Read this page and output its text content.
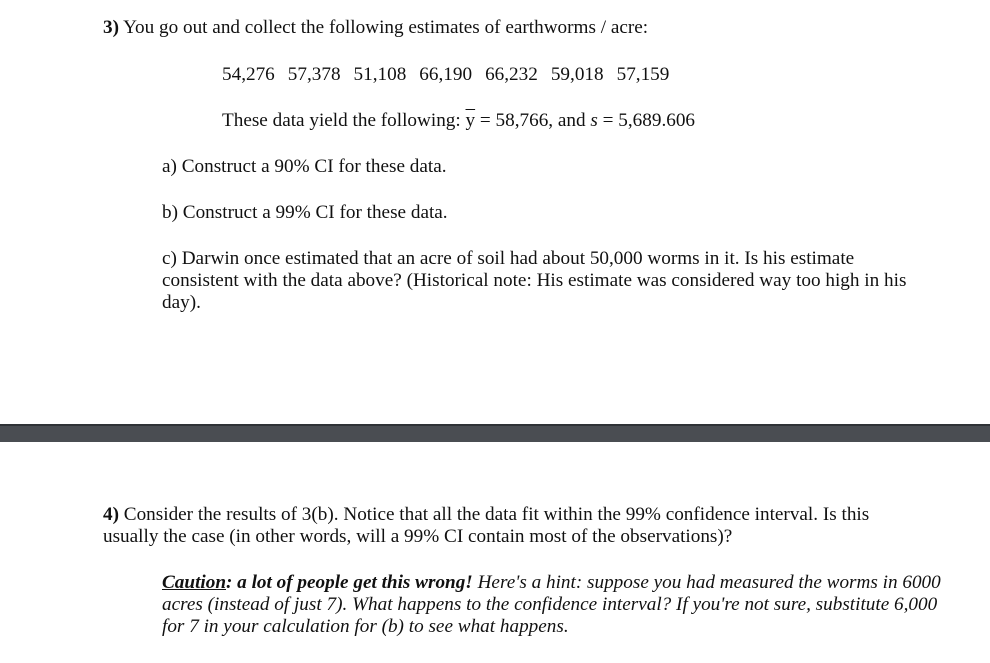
3) You go out and collect the following estimates of earthworms / acre:
54,276 57,378 51,108 66,190 66,232 59,018 57,159
These data yield the following: $\overline{y} = 58,766$, and s = 5,689.606
a) Construct a 90% CI for these data.
b) Construct a 99% CI for these data.
c) Darwin once estimated that an acre of soil had about 50,000 worms in it. Is his estimate consistent with the data above? (Historical note: His estimate was considered way too high in his day).
4) Consider the results of 3(b). Notice that all the data fit within the 99% confidence interval. Is this usually the case (in other words, will a 99% CI contain most of the observations)?
Caution: a lot of people get this wrong! Here's a hint: suppose you had measured the worms in 6000 acres (instead of just 7). What happens to the confidence interval? If you're not sure, substitute 6,000 for 7 in your calculation for (b) to see what happens.
